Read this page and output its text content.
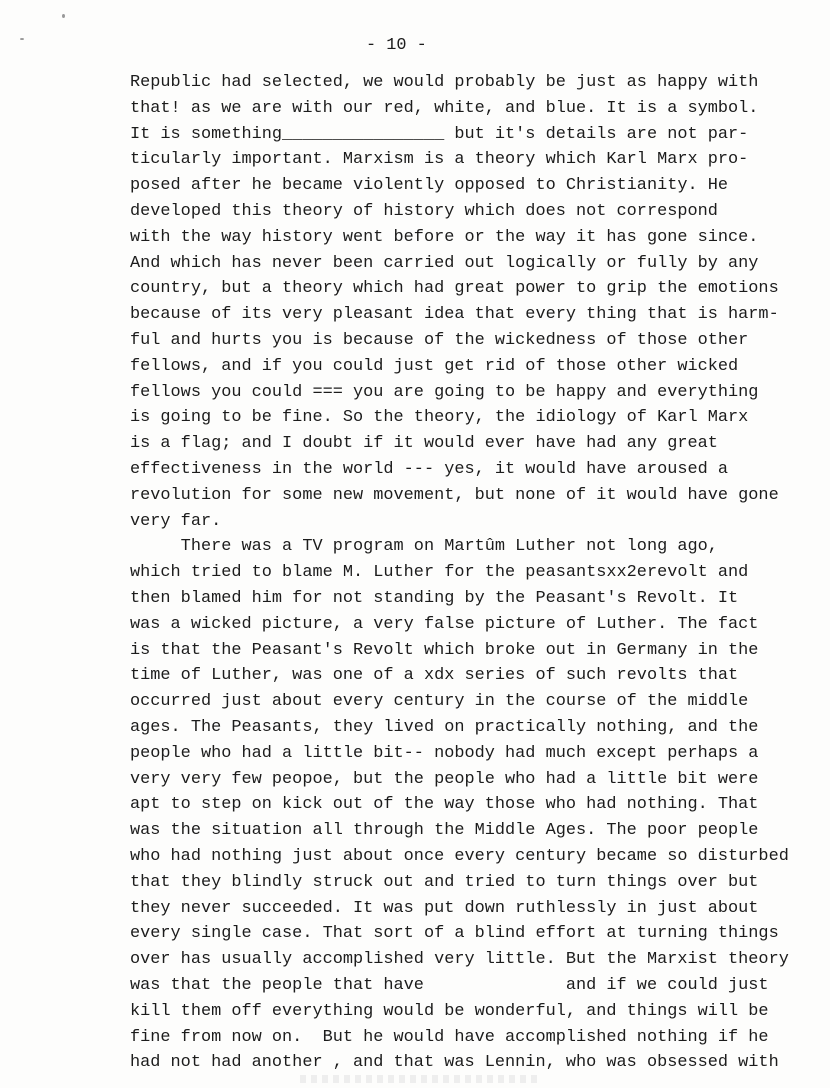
- 10 -
Republic had selected, we would probably be just as happy with
that! as we are with our red, white, and blue. It is a symbol.
It is something________________ but it's details are not par-
ticularly important. Marxism is a theory which Karl Marx pro-
posed after he became violently opposed to Christianity. He
developed this theory of history which does not correspond
with the way history went before or the way it has gone since.
And which has never been carried out logically or fully by any
country, but a theory which had great power to grip the emotions
because of its very pleasant idea that every thing that is harm-
ful and hurts you is because of the wickedness of those other
fellows, and if you could just get rid of those other wicked
fellows you could === you are going to be happy and everything
is going to be fine. So the theory, the idiology of Karl Marx
is a flag; and I doubt if it would ever have had any great
effectiveness in the world --- yes, it would have aroused a
revolution for some new movement, but none of it would have gone
very far.
There was a TV program on Martûm Luther not long ago,
which tried to blame M. Luther for the peasantsxx2erevolt and
then blamed him for not standing by the Peasant's Revolt. It
was a wicked picture, a very false picture of Luther. The fact
is that the Peasant's Revolt which broke out in Germany in the
time of Luther, was one of a xdx series of such revolts that
occurred just about every century in the course of the middle
ages. The Peasants, they lived on practically nothing, and the
people who had a little bit-- nobody had much except perhaps a
very very few peopoe, but the people who had a little bit were
apt to step on kick out of the way those who had nothing. That
was the situation all through the Middle Ages. The poor people
who had nothing just about once every century became so disturbed
that they blindly struck out and tried to turn things over but
they never succeeded. It was put down ruthlessly in just about
every single case. That sort of a blind effort at turning things
over has usually accomplished very little. But the Marxist theory
was that the people that have              and if we could just
kill them off everything would be wonderful, and things will be
fine from now on.  But he would have accomplished nothing if he
had not had another , and that was Lennin, who was obsessed with
